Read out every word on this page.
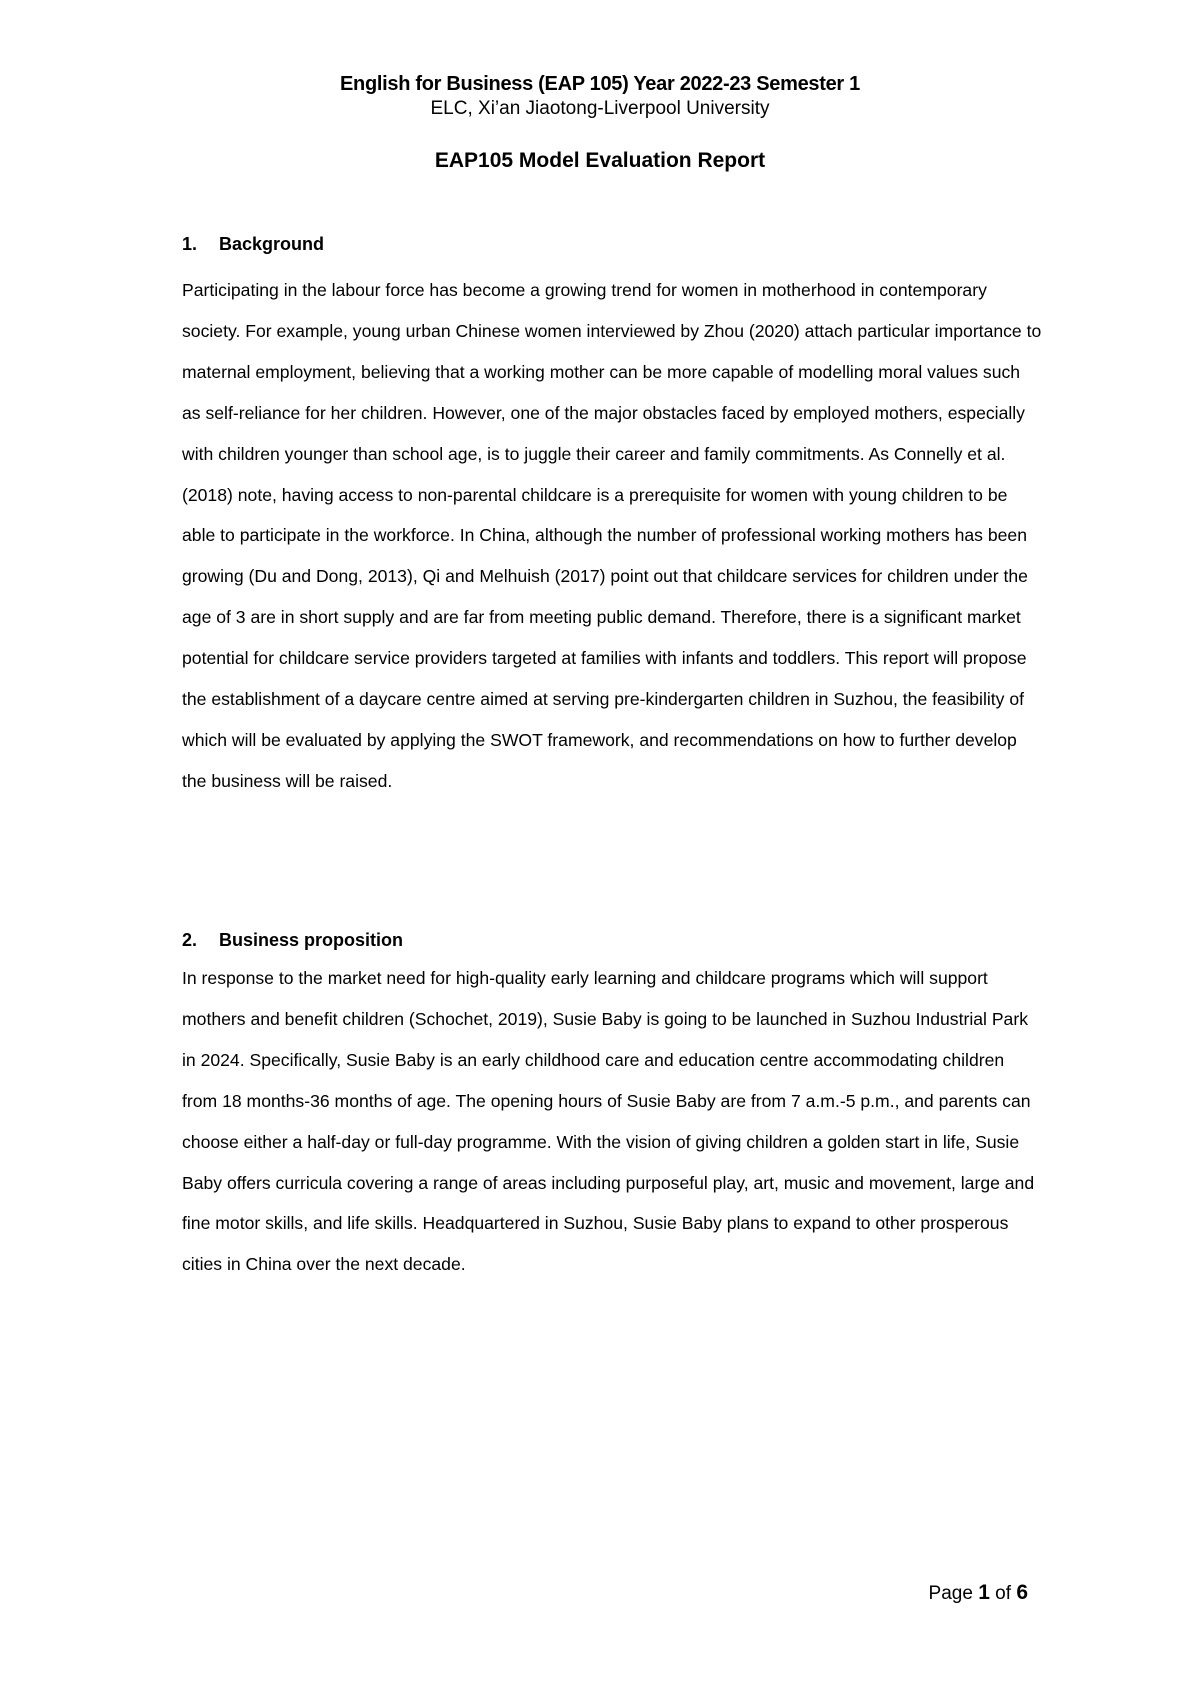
English for Business (EAP 105) Year 2022-23 Semester 1
ELC, Xi’an Jiaotong-Liverpool University
EAP105 Model Evaluation Report
1. Background

Participating in the labour force has become a growing trend for women in motherhood in contemporary society. For example, young urban Chinese women interviewed by Zhou (2020) attach particular importance to maternal employment, believing that a working mother can be more capable of modelling moral values such as self-reliance for her children. However, one of the major obstacles faced by employed mothers, especially with children younger than school age, is to juggle their career and family commitments. As Connelly et al. (2018) note, having access to non-parental childcare is a prerequisite for women with young children to be able to participate in the workforce. In China, although the number of professional working mothers has been growing (Du and Dong, 2013), Qi and Melhuish (2017) point out that childcare services for children under the age of 3 are in short supply and are far from meeting public demand. Therefore, there is a significant market potential for childcare service providers targeted at families with infants and toddlers. This report will propose the establishment of a daycare centre aimed at serving pre-kindergarten children in Suzhou, the feasibility of which will be evaluated by applying the SWOT framework, and recommendations on how to further develop the business will be raised.

2. Business proposition

In response to the market need for high-quality early learning and childcare programs which will support mothers and benefit children (Schochet, 2019), Susie Baby is going to be launched in Suzhou Industrial Park in 2024. Specifically, Susie Baby is an early childhood care and education centre accommodating children from 18 months-36 months of age. The opening hours of Susie Baby are from 7 a.m.-5 p.m., and parents can choose either a half-day or full-day programme. With the vision of giving children a golden start in life, Susie Baby offers curricula covering a range of areas including purposeful play, art, music and movement, large and fine motor skills, and life skills. Headquartered in Suzhou, Susie Baby plans to expand to other prosperous cities in China over the next decade.

Page 1 of 6
